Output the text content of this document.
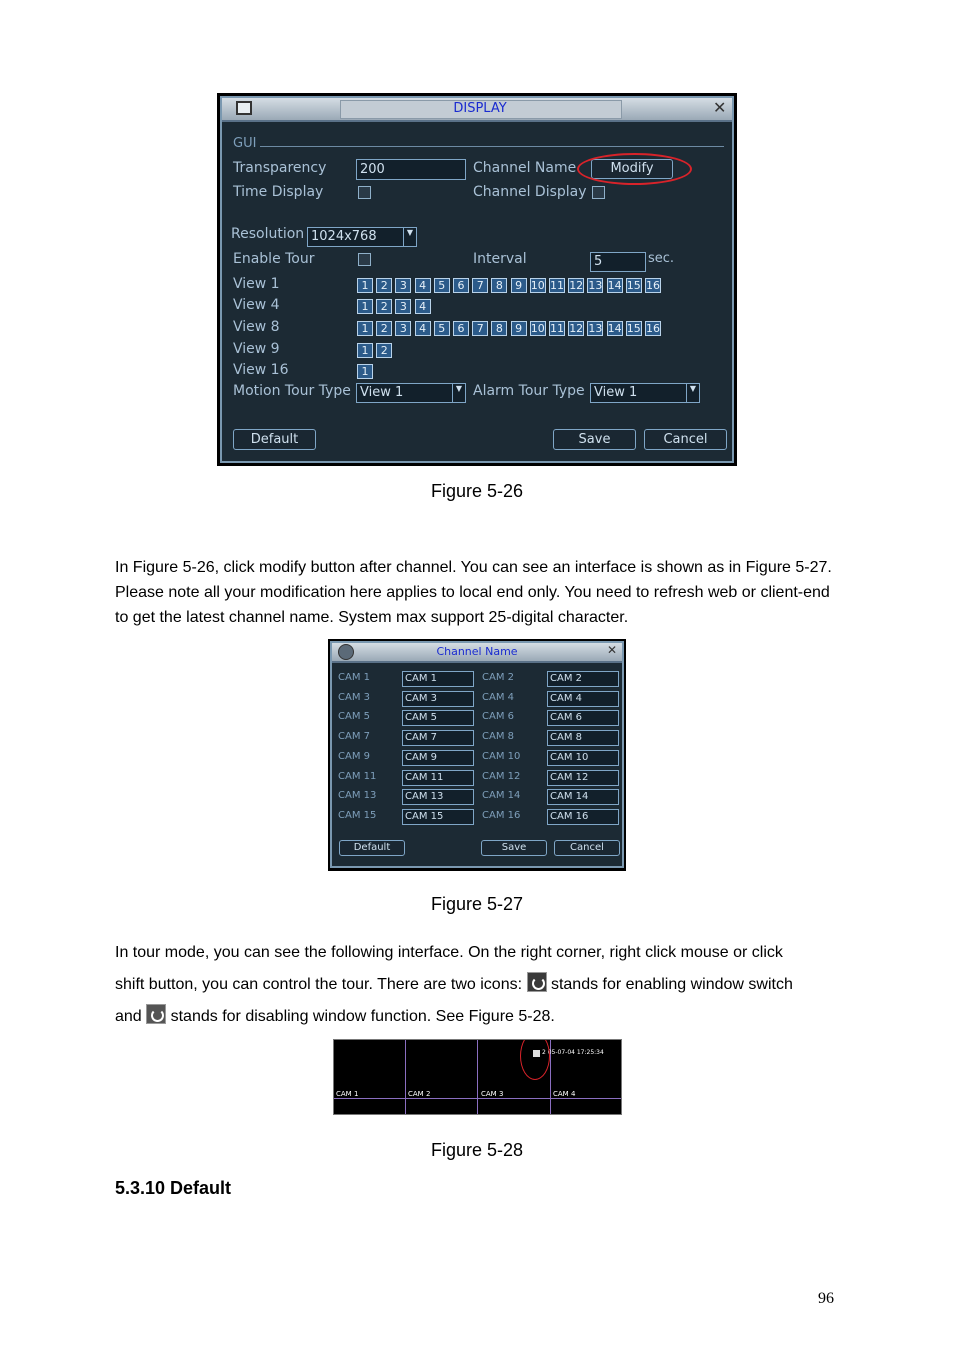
DISPLAY	✕
GUI
Transparency	200	Channel Name	Modify
Time Display	Channel Display
Resolution 1024x768	▼
Enable Tour	Interval	5	sec.
View 1	1	2	3	4	5	6	7	8	9 10 11 12 13 14 15 16
View 4	1	2	3	4
View 8	1	2	3	4	5	6	7	8	9 10 11 12 13 14 15 16
View 9	1	2
View 16	1
Motion Tour Type View 1	▼ Alarm Tour Type View 1	▼
Default	Save	Cancel
Figure 5-26

In Figure 5-26, click modify button after channel. You can see an interface is shown as in Figure 5-27. Please note all your modification here applies to local end only. You need to refresh web or client-end to get the latest channel name. System max support 25-digital character.

Channel Name	✕
CAM 1	CAM 1	CAM 2	CAM 2
CAM 3	CAM 3	CAM 4	CAM 4
CAM 5	CAM 5	CAM 6	CAM 6
CAM 7	CAM 7	CAM 8	CAM 8
CAM 9	CAM 9	CAM 10	CAM 10
CAM 11	CAM 11	CAM 12	CAM 12
CAM 13	CAM 13	CAM 14	CAM 14
CAM 15	CAM 15	CAM 16	CAM 16
Default	Save	Cancel
Figure 5-27
In tour mode, you can see the following interface. On the right corner, right click mouse or click
shift button, you can control the tour. There are two icons: stands for enabling window switch
and stands for disabling window function. See Figure 5-28.
CAM 1	CAM 2	CAM 3	CAM 4
2 05-07-04 17:25:34
Figure 5-28
5.3.10 Default
96
